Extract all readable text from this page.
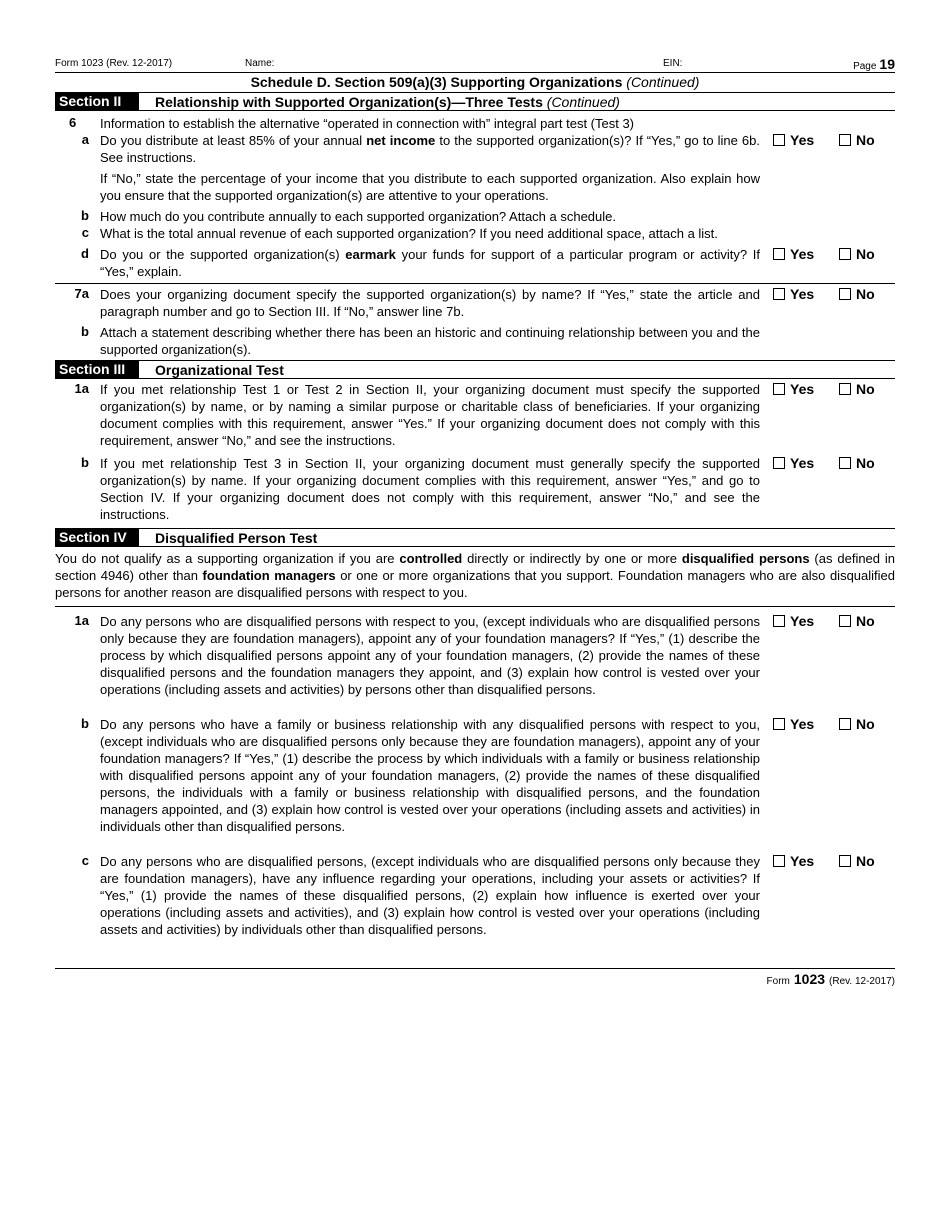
Form 1023 (Rev. 12-2017)	Name:	EIN:	Page 19
Schedule D. Section 509(a)(3) Supporting Organizations (Continued)
Section II	Relationship with Supported Organization(s)—Three Tests (Continued)
6	Information to establish the alternative “operated in connection with” integral part test (Test 3)
a Do you distribute at least 85% of your annual net income to the supported organization(s)? If “Yes,” go to line 6b. See instructions.
Yes	No
If “No,” state the percentage of your income that you distribute to each supported organization. Also explain how you ensure that the supported organization(s) are attentive to your operations.
b How much do you contribute annually to each supported organization? Attach a schedule.
c What is the total annual revenue of each supported organization? If you need additional space, attach a list.
d Do you or the supported organization(s) earmark your funds for support of a particular program or activity? If “Yes,” explain.
Yes	No
7a Does your organizing document specify the supported organization(s) by name? If “Yes,” state the article and paragraph number and go to Section III. If “No,” answer line 7b.
Yes	No
b Attach a statement describing whether there has been an historic and continuing relationship between you and the supported organization(s).
Section III	Organizational Test
1a If you met relationship Test 1 or Test 2 in Section II, your organizing document must specify the supported organization(s) by name, or by naming a similar purpose or charitable class of beneficiaries. If your organizing document complies with this requirement, answer “Yes.” If your organizing document does not comply with this requirement, answer “No,” and see the instructions.
Yes	No
b If you met relationship Test 3 in Section II, your organizing document must generally specify the supported organization(s) by name. If your organizing document complies with this requirement, answer “Yes,” and go to Section IV. If your organizing document does not comply with this requirement, answer “No,” and see the instructions.
Yes	No
Section IV	Disqualified Person Test
You do not qualify as a supporting organization if you are controlled directly or indirectly by one or more disqualified persons (as defined in section 4946) other than foundation managers or one or more organizations that you support. Foundation managers who are also disqualified persons for another reason are disqualified persons with respect to you.
1a Do any persons who are disqualified persons with respect to you, (except individuals who are disqualified persons only because they are foundation managers), appoint any of your foundation managers? If “Yes,” (1) describe the process by which disqualified persons appoint any of your foundation managers, (2) provide the names of these disqualified persons and the foundation managers they appoint, and (3) explain how control is vested over your operations (including assets and activities) by persons other than disqualified persons.
Yes	No
b Do any persons who have a family or business relationship with any disqualified persons with respect to you, (except individuals who are disqualified persons only because they are foundation managers), appoint any of your foundation managers? If “Yes,” (1) describe the process by which individuals with a family or business relationship with disqualified persons appoint any of your foundation managers, (2) provide the names of these disqualified persons, the individuals with a family or business relationship with disqualified persons, and the foundation managers appointed, and (3) explain how control is vested over your operations (including assets and activities) in individuals other than disqualified persons.
Yes	No
c Do any persons who are disqualified persons, (except individuals who are disqualified persons only because they are foundation managers), have any influence regarding your operations, including your assets or activities? If “Yes,” (1) provide the names of these disqualified persons, (2) explain how influence is exerted over your operations (including assets and activities), and (3) explain how control is vested over your operations (including assets and activities) by individuals other than disqualified persons.
Yes	No
Form 1023 (Rev. 12-2017)
